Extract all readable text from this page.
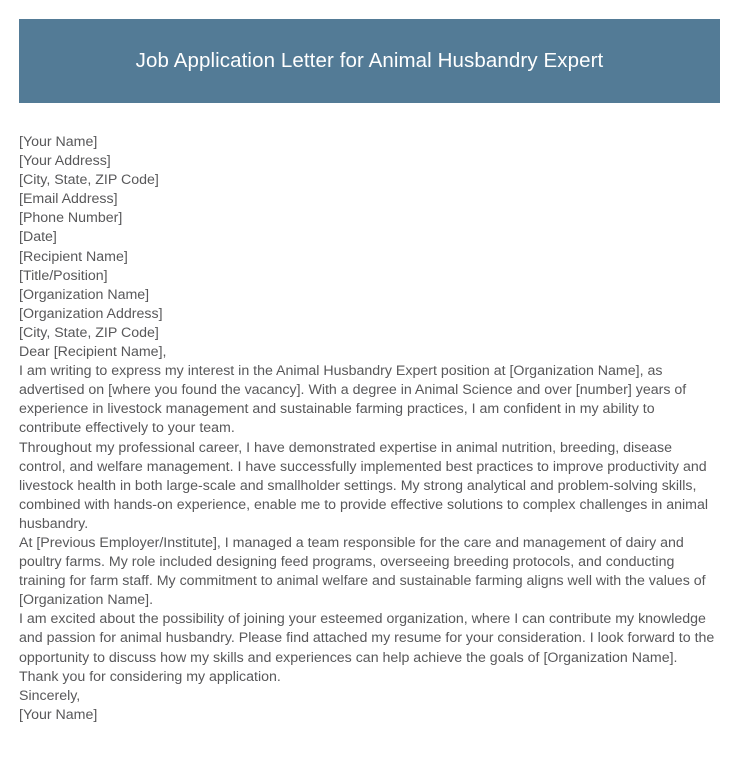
Job Application Letter for Animal Husbandry Expert
[Your Name]
[Your Address]
[City, State, ZIP Code]
[Email Address]
[Phone Number]
[Date]
[Recipient Name]
[Title/Position]
[Organization Name]
[Organization Address]
[City, State, ZIP Code]
Dear [Recipient Name],
I am writing to express my interest in the Animal Husbandry Expert position at [Organization Name], as advertised on [where you found the vacancy]. With a degree in Animal Science and over [number] years of experience in livestock management and sustainable farming practices, I am confident in my ability to contribute effectively to your team.
Throughout my professional career, I have demonstrated expertise in animal nutrition, breeding, disease control, and welfare management. I have successfully implemented best practices to improve productivity and livestock health in both large-scale and smallholder settings. My strong analytical and problem-solving skills, combined with hands-on experience, enable me to provide effective solutions to complex challenges in animal husbandry.
At [Previous Employer/Institute], I managed a team responsible for the care and management of dairy and poultry farms. My role included designing feed programs, overseeing breeding protocols, and conducting training for farm staff. My commitment to animal welfare and sustainable farming aligns well with the values of [Organization Name].
I am excited about the possibility of joining your esteemed organization, where I can contribute my knowledge and passion for animal husbandry. Please find attached my resume for your consideration. I look forward to the opportunity to discuss how my skills and experiences can help achieve the goals of [Organization Name].
Thank you for considering my application.
Sincerely,
[Your Name]
